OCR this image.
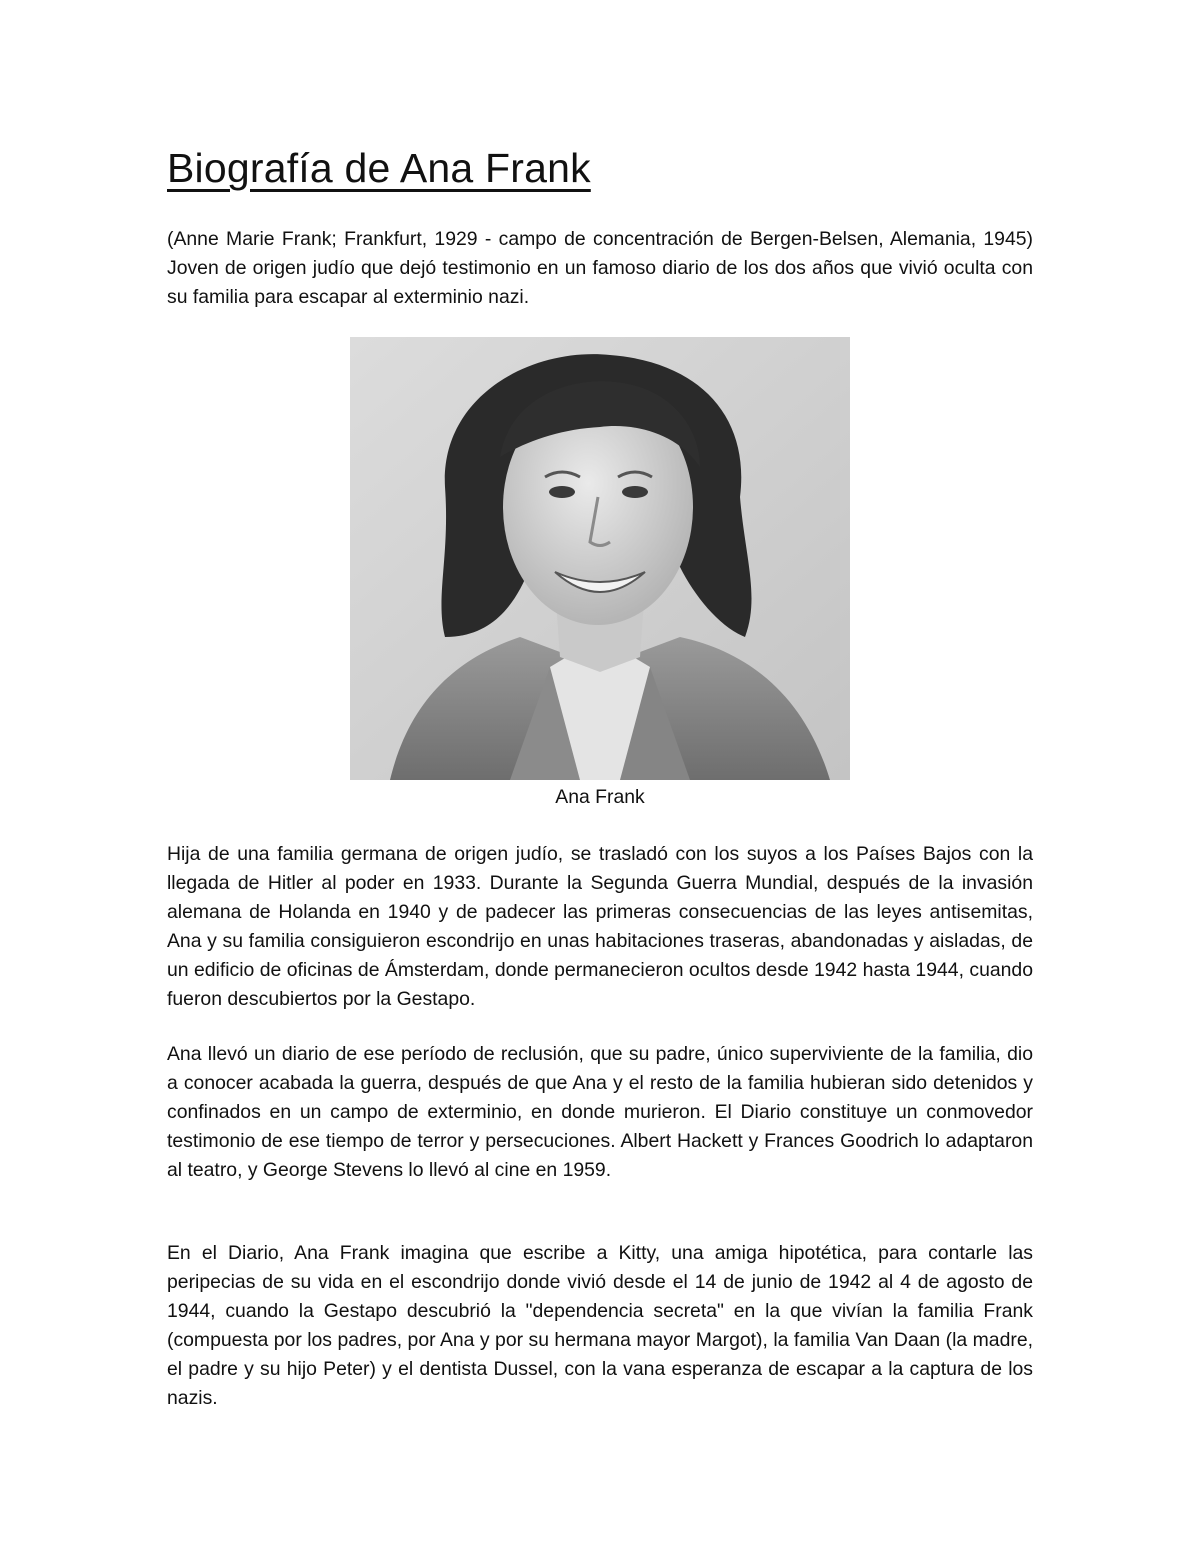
Biografía de Ana Frank

(Anne Marie Frank; Frankfurt, 1929 - campo de concentración de Bergen-Belsen, Alemania, 1945) Joven de origen judío que dejó testimonio en un famoso diario de los dos años que vivió oculta con su familia para escapar al exterminio nazi.

Ana Frank

Hija de una familia germana de origen judío, se trasladó con los suyos a los Países Bajos con la llegada de Hitler al poder en 1933. Durante la Segunda Guerra Mundial, después de la invasión alemana de Holanda en 1940 y de padecer las primeras consecuencias de las leyes antisemitas, Ana y su familia consiguieron escondrijo en unas habitaciones traseras, abandonadas y aisladas, de un edificio de oficinas de Ámsterdam, donde permanecieron ocultos desde 1942 hasta 1944, cuando fueron descubiertos por la Gestapo.

Ana llevó un diario de ese período de reclusión, que su padre, único superviviente de la familia, dio a conocer acabada la guerra, después de que Ana y el resto de la familia hubieran sido detenidos y confinados en un campo de exterminio, en donde murieron. El Diario constituye un conmovedor testimonio de ese tiempo de terror y persecuciones. Albert Hackett y Frances Goodrich lo adaptaron al teatro, y George Stevens lo llevó al cine en 1959.

En el Diario, Ana Frank imagina que escribe a Kitty, una amiga hipotética, para contarle las peripecias de su vida en el escondrijo donde vivió desde el 14 de junio de 1942 al 4 de agosto de 1944, cuando la Gestapo descubrió la "dependencia secreta" en la que vivían la familia Frank (compuesta por los padres, por Ana y por su hermana mayor Margot), la familia Van Daan (la madre, el padre y su hijo Peter) y el dentista Dussel, con la vana esperanza de escapar a la captura de los nazis.
